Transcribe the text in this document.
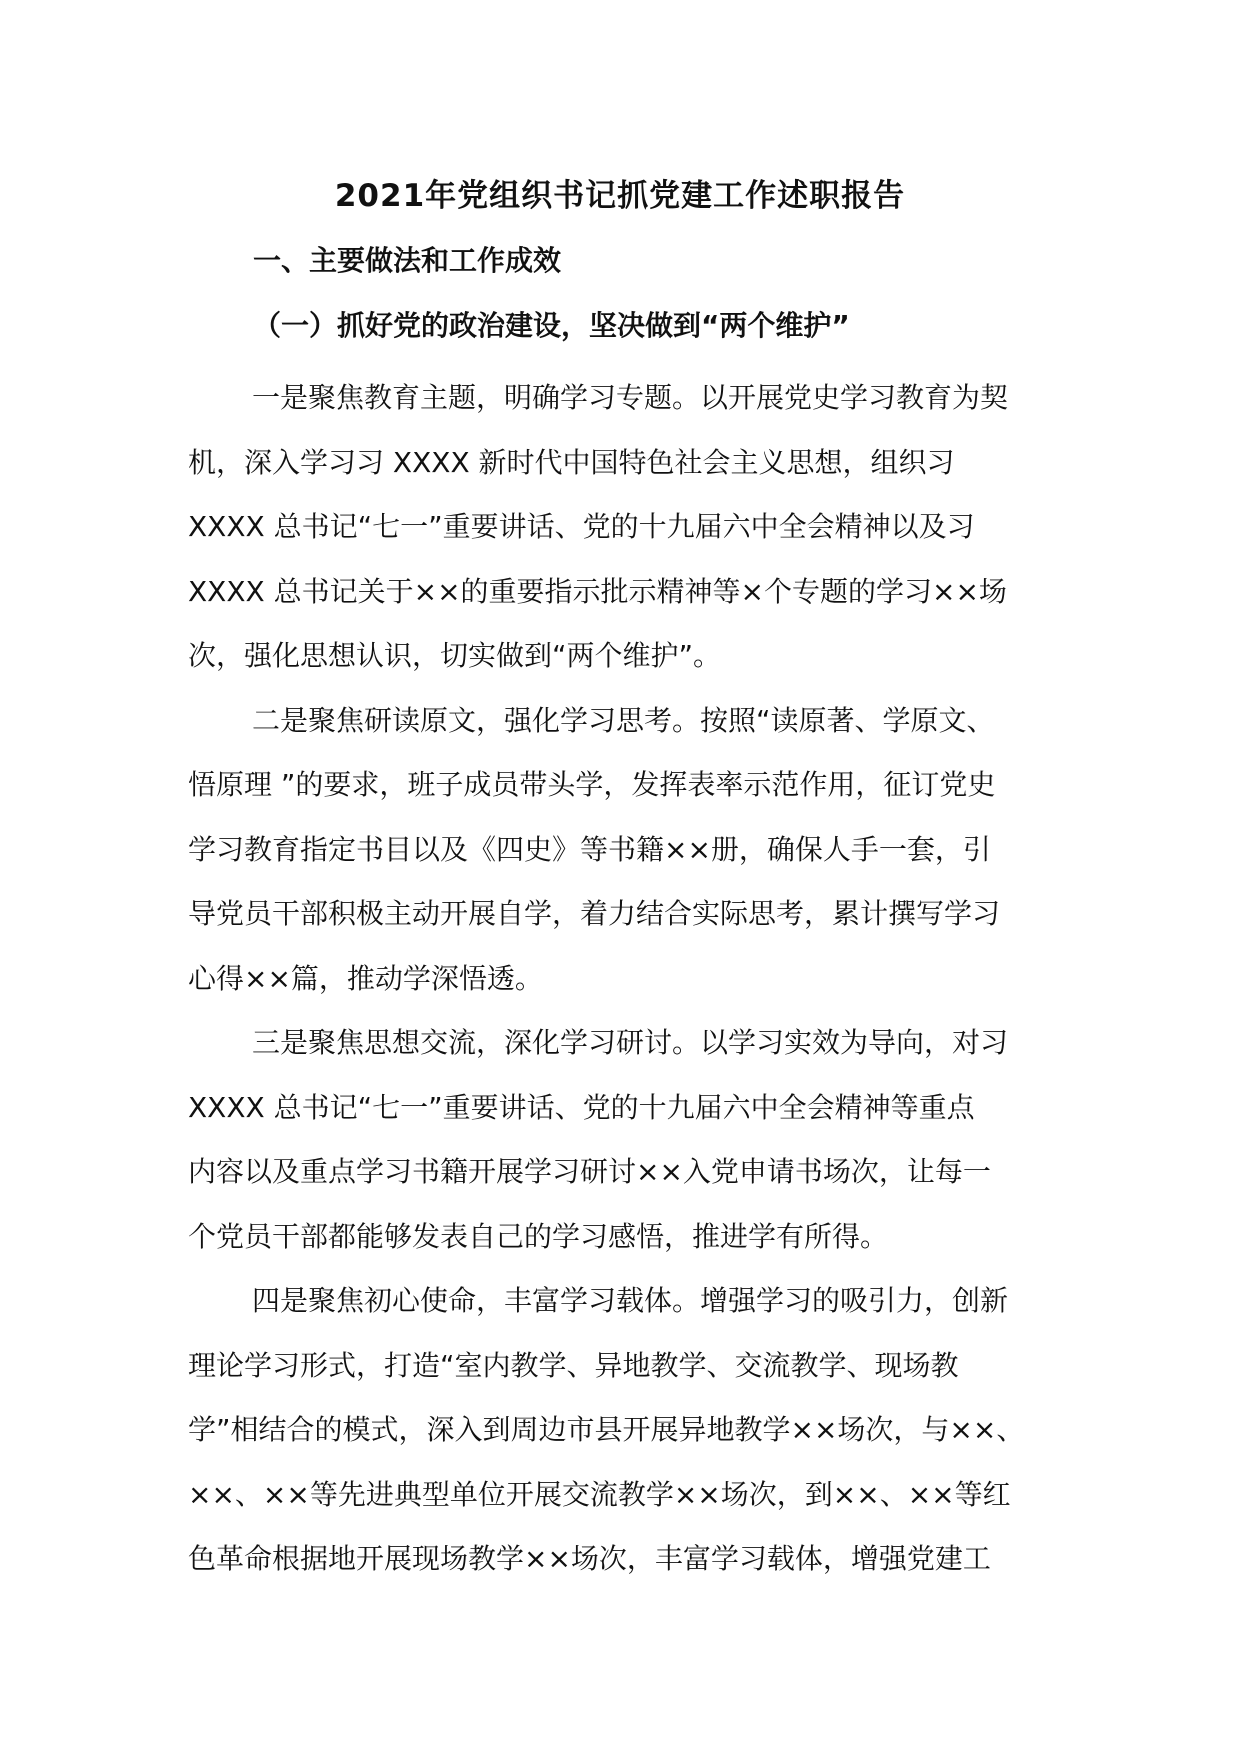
2021年党组织书记抓党建工作述职报告
一、主要做法和工作成效
（一）抓好党的政治建设，坚决做到“两个维护”

一是聚焦教育主题，明确学习专题。以开展党史学习教育为契
机，深入学习习 XXXX 新时代中国特色社会主义思想，组织习
XXXX 总书记“七一”重要讲话、党的十九届六中全会精神以及习
XXXX 总书记关于××的重要指示批示精神等×个专题的学习××场
次，强化思想认识，切实做到“两个维护”。

二是聚焦研读原文，强化学习思考。按照“读原著、学原文、
悟原理 ”的要求，班子成员带头学，发挥表率示范作用，征订党史
学习教育指定书目以及《四史》等书籍××册，确保人手一套，引
导党员干部积极主动开展自学，着力结合实际思考，累计撰写学习
心得××篇，推动学深悟透。

三是聚焦思想交流，深化学习研讨。以学习实效为导向，对习
XXXX 总书记“七一”重要讲话、党的十九届六中全会精神等重点
内容以及重点学习书籍开展学习研讨××入党申请书场次，让每一
个党员干部都能够发表自己的学习感悟，推进学有所得。

四是聚焦初心使命，丰富学习载体。增强学习的吸引力，创新
理论学习形式，打造“室内教学、异地教学、交流教学、现场教
学”相结合的模式，深入到周边市县开展异地教学××场次，与××、
××、××等先进典型单位开展交流教学××场次，到××、××等红
色革命根据地开展现场教学××场次，丰富学习载体，增强党建工
